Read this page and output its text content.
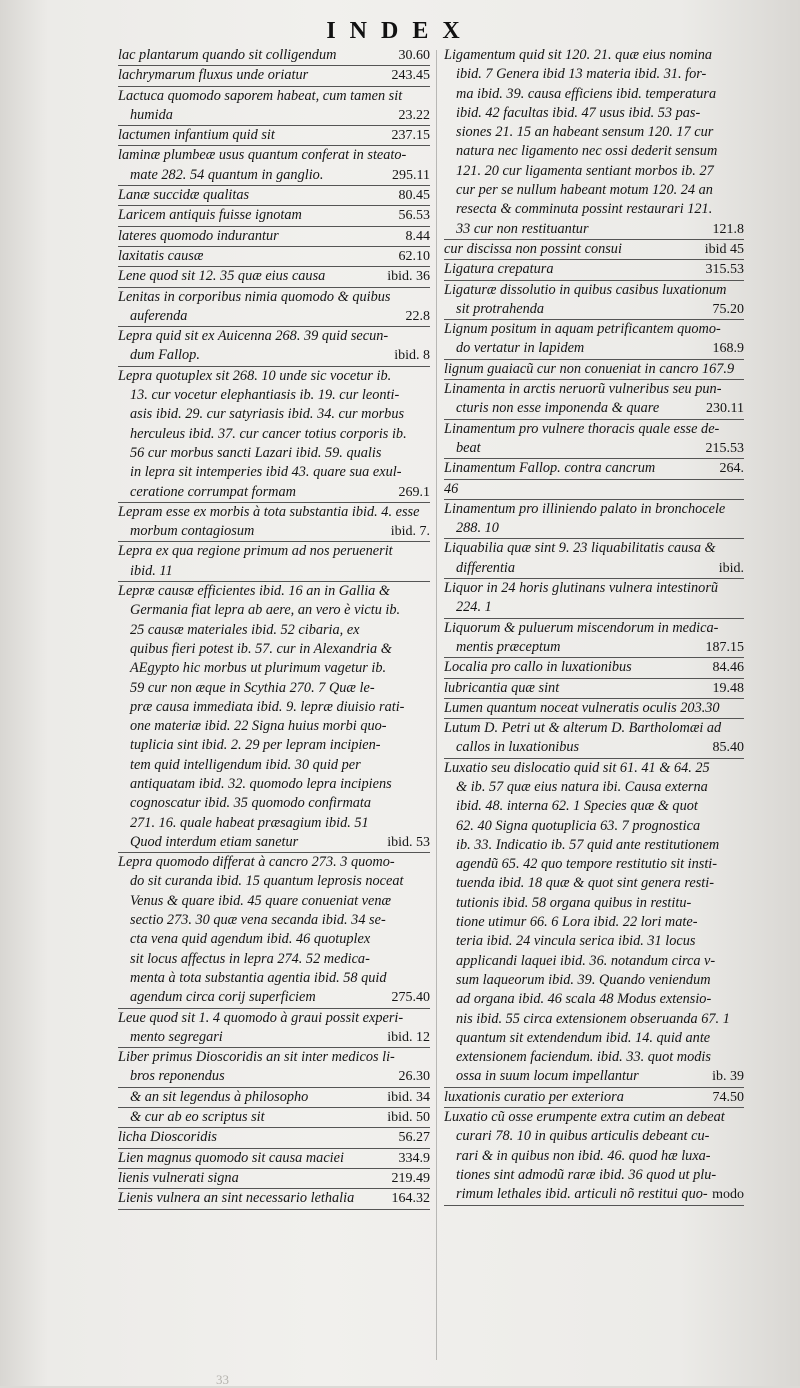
INDEX
lac plantarum quando sit colligendum	30.60
lachrymarum fluxus unde oriatur	243.45
Lactuca quomodo saporem habeat, cum tamen sit
humida	23.22
lactumen infantium quid sit	237.15
laminæ plumbeæ usus quantum conferat in steato-
mate 282. 54 quantum in ganglio.	295.11
Lanæ succidæ qualitas	80.45
Laricem antiquis fuisse ignotam	56.53
lateres quomodo indurantur	8.44
laxitatis causæ	62.10
Lene quod sit 12. 35 quæ eius causa	ibid. 36
Lenitas in corporibus nimia quomodo & quibus
auferenda	22.8
Lepra quid sit ex Auicenna 268. 39 quid secun-
dum Fallop.	ibid. 8
Lepra quotuplex sit 268. 10 unde sic vocetur ib.
13. cur vocetur elephantiasis ib. 19. cur leonti-
asis ibid. 29. cur satyriasis ibid. 34. cur morbus
herculeus ibid. 37. cur cancer totius corporis ib.
56 cur morbus sancti Lazari ibid. 59. qualis
in lepra sit intemperies ibid 43. quare sua exul-
ceratione corrumpat formam	269.1
Lepram esse ex morbis à tota substantia ibid. 4. esse
morbum contagiosum	ibid. 7.
Lepra ex qua regione primum ad nos peruenerit
ibid. 11
Lepræ causæ efficientes ibid. 16 an in Gallia &
Germania fiat lepra ab aere, an vero è victu ib.
25 causæ materiales ibid. 52 cibaria, ex
quibus fieri potest ib. 57. cur in Alexandria &
AEgypto hic morbus ut plurimum vagetur ib.
59 cur non æque in Scythia 270. 7 Quæ le-
præ causa immediata ibid. 9. lepræ diuisio rati-
one materiæ ibid. 22 Signa huius morbi quo-
tuplicia sint ibid. 2. 29 per lepram incipien-
tem quid intelligendum ibid. 30 quid per
antiquatam ibid. 32. quomodo lepra incipiens
cognoscatur ibid. 35 quomodo confirmata
271. 16. quale habeat præsagium ibid. 51
Quod interdum etiam sanetur	ibid. 53
Lepra quomodo differat à cancro 273. 3 quomo-
do sit curanda ibid. 15 quantum leprosis noceat
Venus & quare ibid. 45 quare conueniat venæ
sectio 273. 30 quæ vena secanda ibid. 34 se-
cta vena quid agendum ibid. 46 quotuplex
sit locus affectus in lepra 274. 52 medica-
menta à tota substantia agentia ibid. 58 quid
agendum circa corij superficiem	275.40
Leue quod sit 1. 4 quomodo à graui possit experi-
mento segregari	ibid. 12
Liber primus Dioscoridis an sit inter medicos li-
bros reponendus	26.30
& an sit legendus à philosopho	ibid. 34
& cur ab eo scriptus sit	ibid. 50
licha Dioscoridis	56.27
Lien magnus quomodo sit causa maciei	334.9
lienis vulnerati signa	219.49
Lienis vulnera an sint necessario lethalia	164.32
Ligamentum quid sit 120. 21. quæ eius nomina
ibid. 7 Genera ibid 13 materia ibid. 31. for-
ma ibid. 39. causa efficiens ibid. temperatura
ibid. 42 facultas ibid. 47 usus ibid. 53 pas-
siones 21. 15 an habeant sensum 120. 17 cur
natura nec ligamento nec ossi dederit sensum
121. 20 cur ligamenta sentiant morbos ib. 27
cur per se nullum habeant motum 120. 24 an
resecta & comminuta possint restaurari 121.
33 cur non restituantur	121.8
cur discissa non possint consui	ibid 45
Ligatura crepatura	315.53
Ligaturæ dissolutio in quibus casibus luxationum
sit protrahenda	75.20
Lignum positum in aquam petrificantem quomo-
do vertatur in lapidem	168.9
lignum guaiacũ cur non conueniat in cancro 167.9
Linamenta in arctis neruorũ vulneribus seu pun-
cturis non esse imponenda & quare	230.11
Linamentum pro vulnere thoracis quale esse de-
beat	215.53
Linamentum Fallop. contra cancrum	264.
46
Linamentum pro illiniendo palato in bronchocele
288. 10
Liquabilia quæ sint 9. 23 liquabilitatis causa &
differentia	ibid.
Liquor in 24 horis glutinans vulnera intestinorũ
224. 1
Liquorum & puluerum miscendorum in medica-
mentis præceptum	187.15
Localia pro callo in luxationibus	84.46
lubricantia quæ sint	19.48
Lumen quantum noceat vulneratis oculis 203.30
Lutum D. Petri ut & alterum D. Bartholomæi ad
callos in luxationibus	85.40
Luxatio seu dislocatio quid sit 61. 41 & 64. 25
& ib. 57 quæ eius natura ibi. Causa externa
ibid. 48. interna 62. 1 Species quæ & quot
62. 40 Signa quotuplicia 63. 7 prognostica
ib. 33. Indicatio ib. 57 quid ante restitutionem
agendũ 65. 42 quo tempore restitutio sit insti-
tuenda ibid. 18 quæ & quot sint genera resti-
tutionis ibid. 58 organa quibus in restitu-
tione utimur 66. 6 Lora ibid. 22 lori mate-
teria ibid. 24 vincula serica ibid. 31 locus
applicandi laquei ibid. 36. notandum circa v-
sum laqueorum ibid. 39. Quando veniendum
ad organa ibid. 46 scala 48 Modus extensio-
nis ibid. 55 circa extensionem obseruanda 67. 1
quantum sit extendendum ibid. 14. quid ante
extensionem faciendum. ibid. 33. quot modis
ossa in suum locum impellantur	ib. 39
luxationis curatio per exteriora	74.50
Luxatio cũ osse erumpente extra cutim an debeat
curari 78. 10 in quibus articulis debeant cu-
rari & in quibus non ibid. 46. quod hæ luxa-
tiones sint admodũ raræ ibid. 36 quod ut plu-
rimum lethales ibid. articuli nõ restitui quo- modo
33
